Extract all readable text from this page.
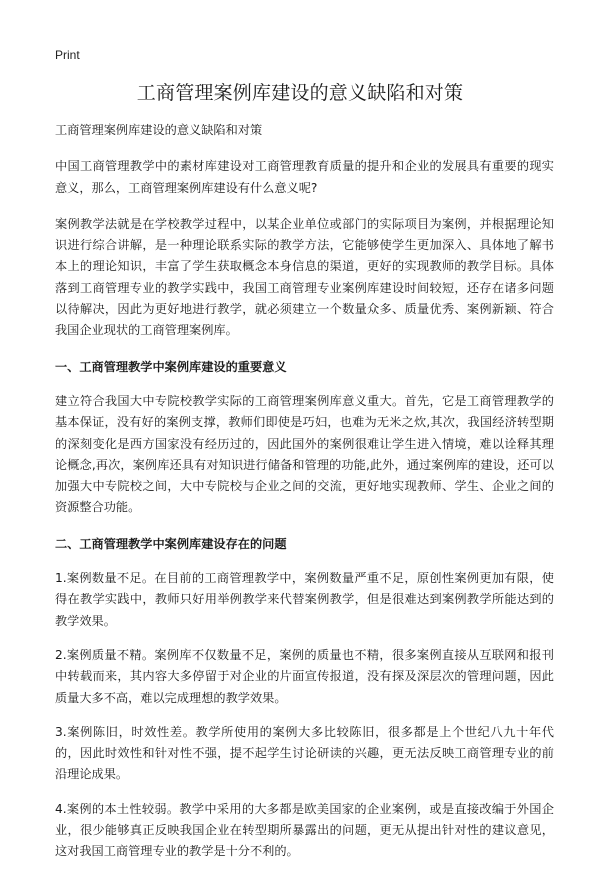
Print
工商管理案例库建设的意义缺陷和对策

工商管理案例库建设的意义缺陷和对策

中国工商管理教学中的素材库建设对工商管理教育质量的提升和企业的发展具有重要的现实意义，那么，工商管理案例库建设有什么意义呢?

案例教学法就是在学校教学过程中，以某企业单位或部门的实际项目为案例，并根据理论知识进行综合讲解，是一种理论联系实际的教学方法，它能够使学生更加深入、具体地了解书本上的理论知识，丰富了学生获取概念本身信息的渠道，更好的实现教师的教学目标。具体落到工商管理专业的教学实践中，我国工商管理专业案例库建设时间较短，还存在诸多问题以待解决，因此为更好地进行教学，就必须建立一个数量众多、质量优秀、案例新颖、符合我国企业现状的工商管理案例库。

一、工商管理教学中案例库建设的重要意义

建立符合我国大中专院校教学实际的工商管理案例库意义重大。首先，它是工商管理教学的基本保证，没有好的案例支撑，教师们即使是巧妇，也难为无米之炊,其次，我国经济转型期的深刻变化是西方国家没有经历过的，因此国外的案例很难让学生进入情境，难以诠释其理论概念,再次，案例库还具有对知识进行储备和管理的功能,此外，通过案例库的建设，还可以加强大中专院校之间，大中专院校与企业之间的交流，更好地实现教师、学生、企业之间的资源整合功能。

二、工商管理教学中案例库建设存在的问题

1.案例数量不足。在目前的工商管理教学中，案例数量严重不足，原创性案例更加有限，使得在教学实践中，教师只好用举例教学来代替案例教学，但是很难达到案例教学所能达到的教学效果。

2.案例质量不精。案例库不仅数量不足，案例的质量也不精，很多案例直接从互联网和报刊中转载而来，其内容大多停留于对企业的片面宣传报道，没有探及深层次的管理问题，因此质量大多不高，难以完成理想的教学效果。

3.案例陈旧，时效性差。教学所使用的案例大多比较陈旧，很多都是上个世纪八九十年代的，因此时效性和针对性不强，提不起学生讨论研读的兴趣，更无法反映工商管理专业的前沿理论成果。

4.案例的本土性较弱。教学中采用的大多都是欧美国家的企业案例，或是直接改编于外国企业，很少能够真正反映我国企业在转型期所暴露出的问题，更无从提出针对性的建议意见，这对我国工商管理专业的教学是十分不利的。
